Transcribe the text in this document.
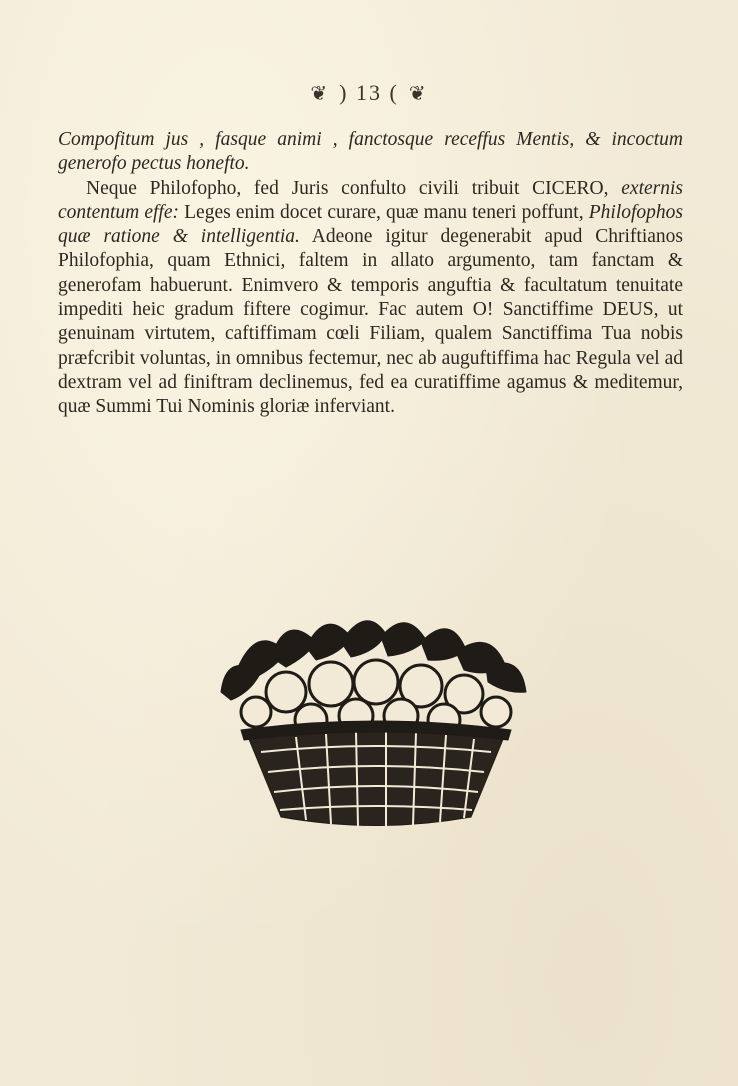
❦ ) 13 ( ❦

Compofitum jus , fasque animi , fanctosque receffus Mentis, & incoctum generofo pectus honefto.

Neque Philofopho, fed Juris confulto civili tribuit CICERO, externis contentum effe: Leges enim docet curare, quæ manu teneri poffunt, Philofophos quæ ratione & intelligentia. Adeone igitur degenerabit apud Chriftianos Philofophia, quam Ethnici, faltem in allato argumento, tam fanctam & generofam habuerunt. Enimvero & temporis anguftia & facultatum tenuitate impediti heic gradum fiftere cogimur. Fac autem O! Sanctiffime DEUS, ut genuinam virtutem, caftiffimam cœli Filiam, qualem Sanctiffima Tua nobis præfcribit voluntas, in omnibus fectemur, nec ab auguftiffima hac Regula vel ad dextram vel ad finiftram declinemus, fed ea curatiffime agamus & meditemur, quæ Summi Tui Nominis gloriæ inferviant.
